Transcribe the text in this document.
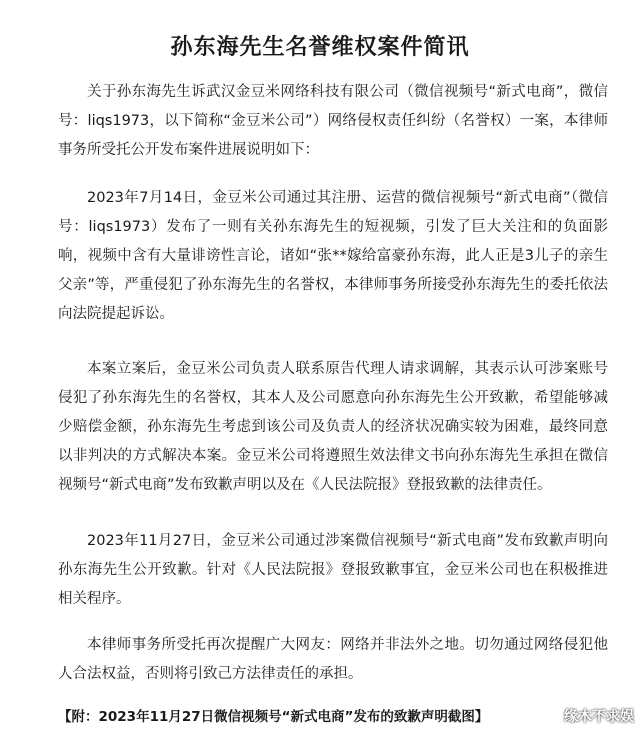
孙东海先生名誉维权案件简讯

关于孙东海先生诉武汉金豆米网络科技有限公司（微信视频号“新式电商”，微信号：liqs1973，以下简称“金豆米公司”）网络侵权责任纠纷（名誉权）一案，本律师事务所受托公开发布案件进展说明如下：

2023年7月14日，金豆米公司通过其注册、运营的微信视频号“新式电商”（微信号：liqs1973）发布了一则有关孙东海先生的短视频，引发了巨大关注和的负面影响，视频中含有大量诽谤性言论，诸如“张**嫁给富豪孙东海，此人正是3儿子的亲生父亲”等，严重侵犯了孙东海先生的名誉权，本律师事务所接受孙东海先生的委托依法向法院提起诉讼。

本案立案后，金豆米公司负责人联系原告代理人请求调解，其表示认可涉案账号侵犯了孙东海先生的名誉权，其本人及公司愿意向孙东海先生公开致歉，希望能够减少赔偿金额，孙东海先生考虑到该公司及负责人的经济状况确实较为困难，最终同意以非判决的方式解决本案。金豆米公司将遵照生效法律文书向孙东海先生承担在微信视频号“新式电商”发布致歉声明以及在《人民法院报》登报致歉的法律责任。

2023年11月27日，金豆米公司通过涉案微信视频号“新式电商”发布致歉声明向孙东海先生公开致歉。针对《人民法院报》登报致歉事宜，金豆米公司也在积极推进相关程序。

本律师事务所受托再次提醒广大网友：网络并非法外之地。切勿通过网络侵犯他人合法权益，否则将引致己方法律责任的承担。

【附：2023年11月27日微信视频号“新式电商”发布的致歉声明截图】	缘木不求娱
